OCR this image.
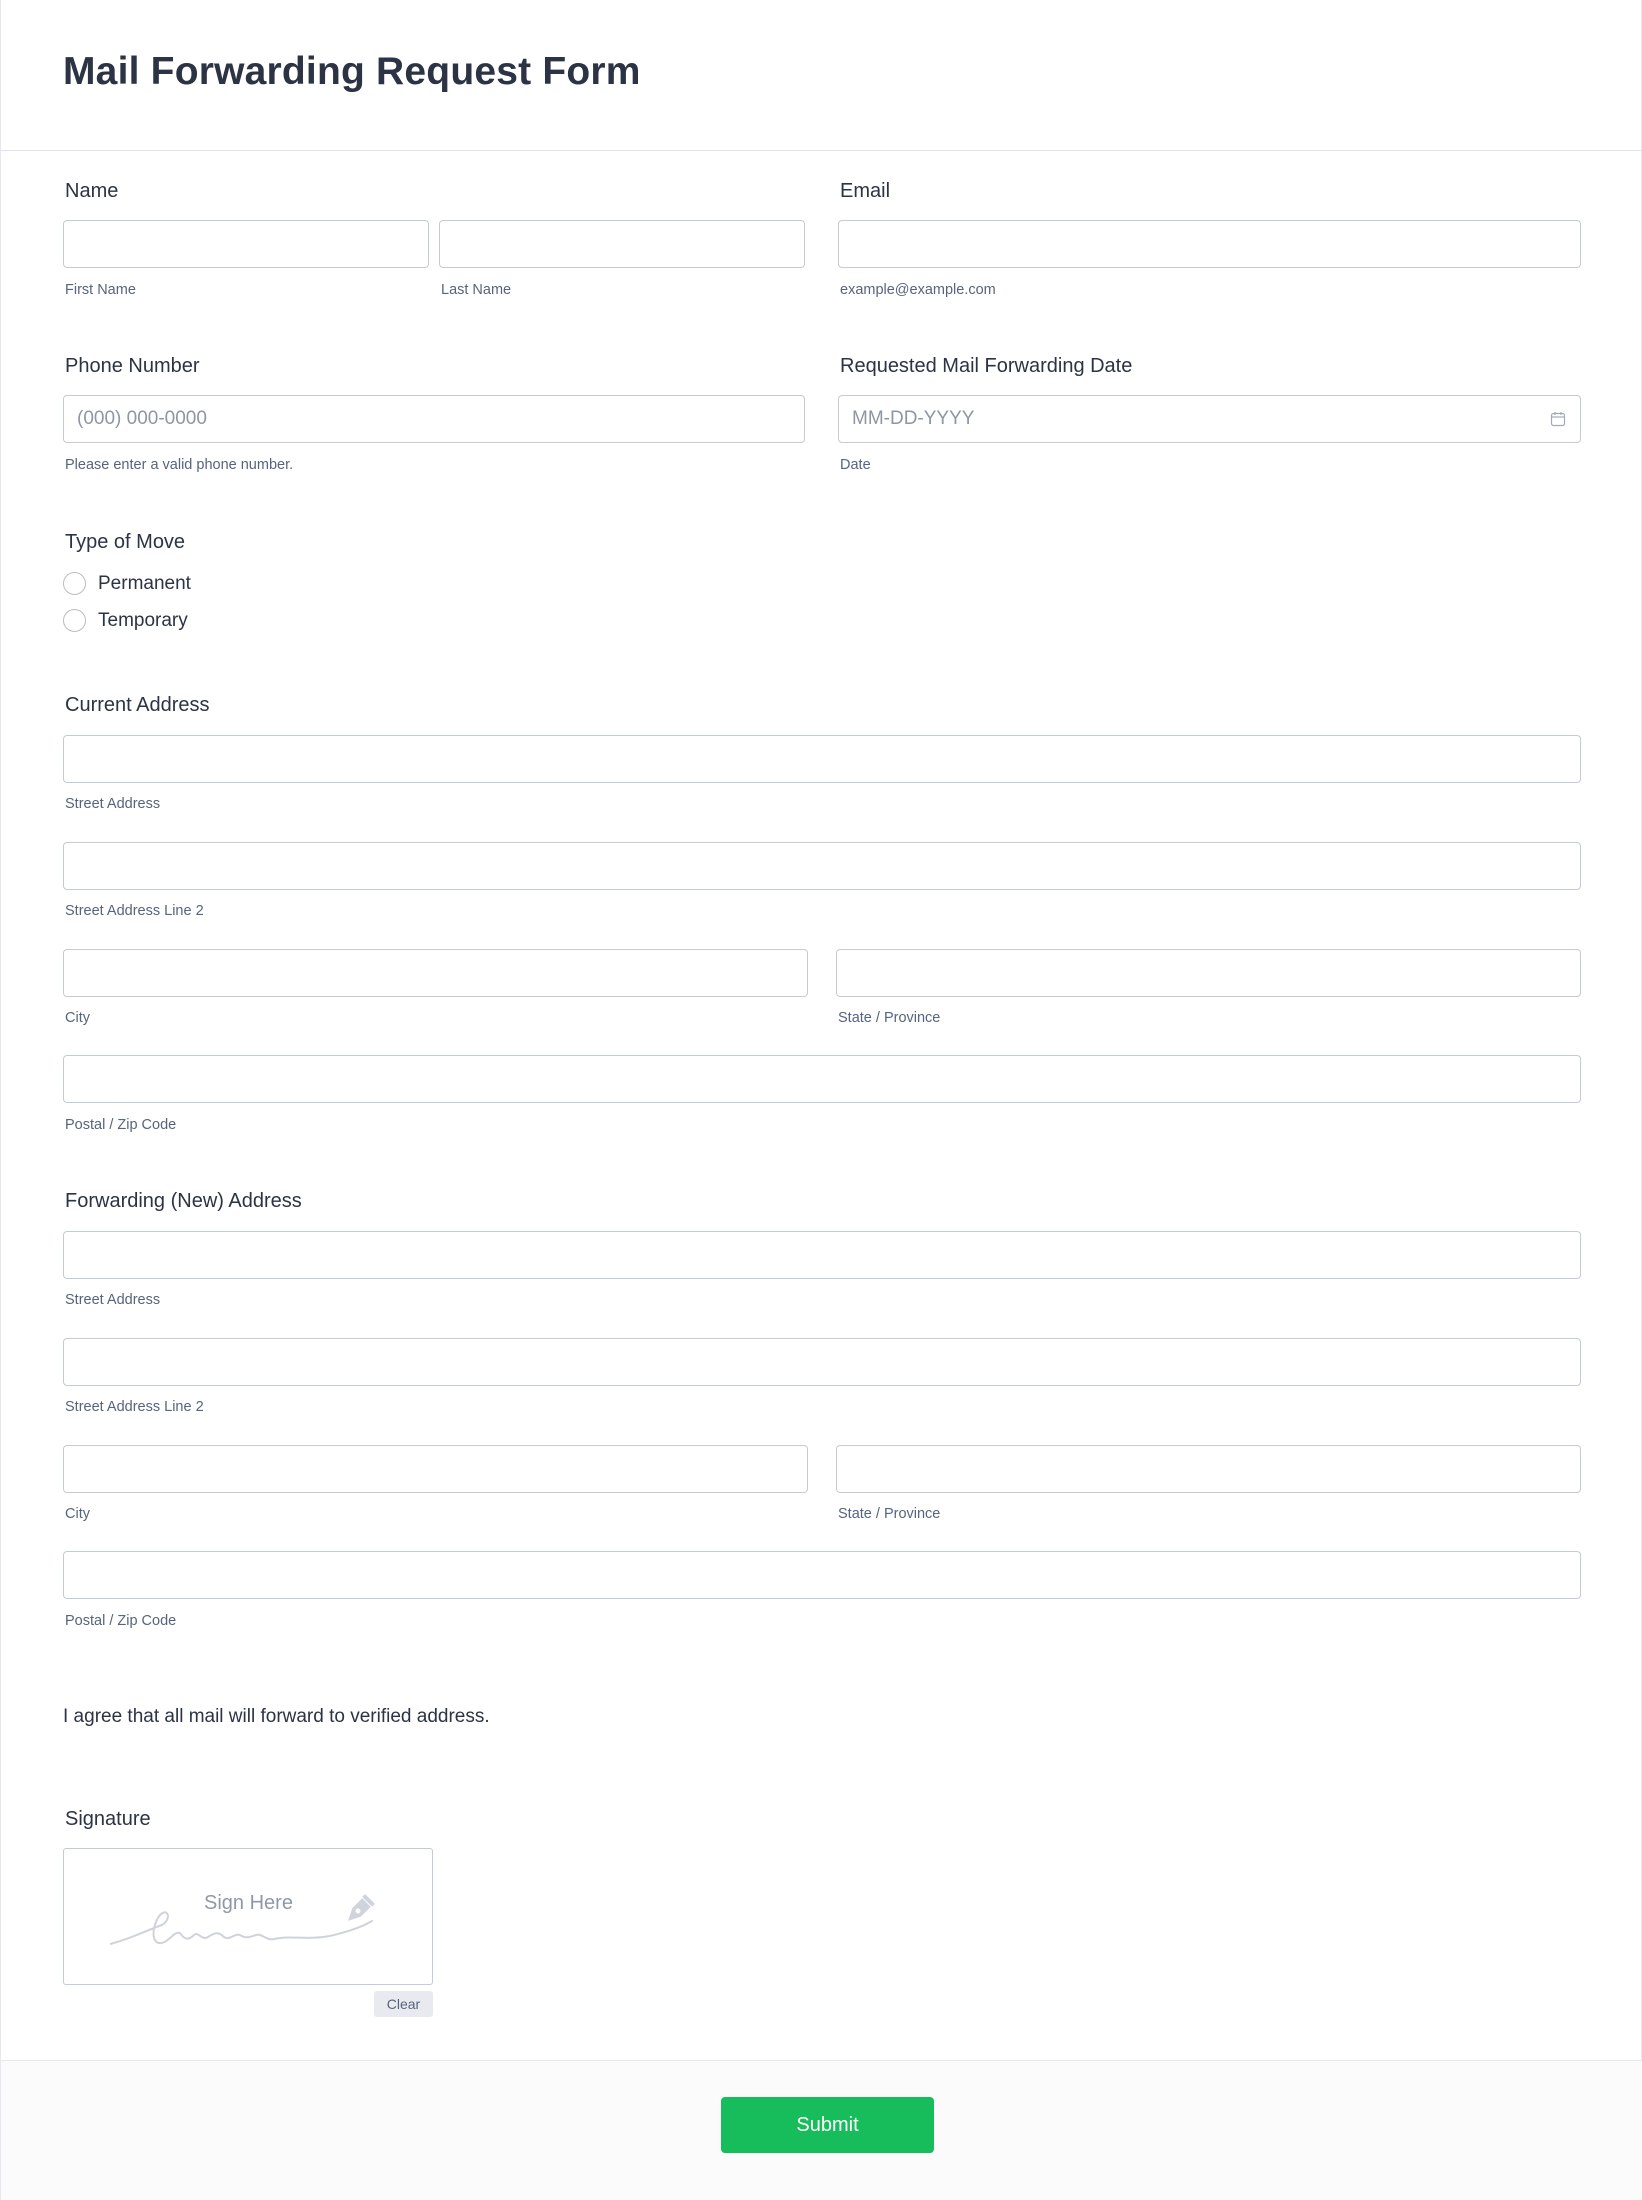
Mail Forwarding Request Form
Name
First Name	Last Name
Email
example@example.com
Phone Number
(000) 000-0000
Please enter a valid phone number.
Requested Mail Forwarding Date
MM-DD-YYYY
Date
Type of Move
Permanent
Temporary
Current Address
Street Address
Street Address Line 2
City	State / Province
Postal / Zip Code
Forwarding (New) Address
Street Address
Street Address Line 2
City	State / Province
Postal / Zip Code
I agree that all mail will forward to verified address.
Signature
Sign Here
Clear
Submit
